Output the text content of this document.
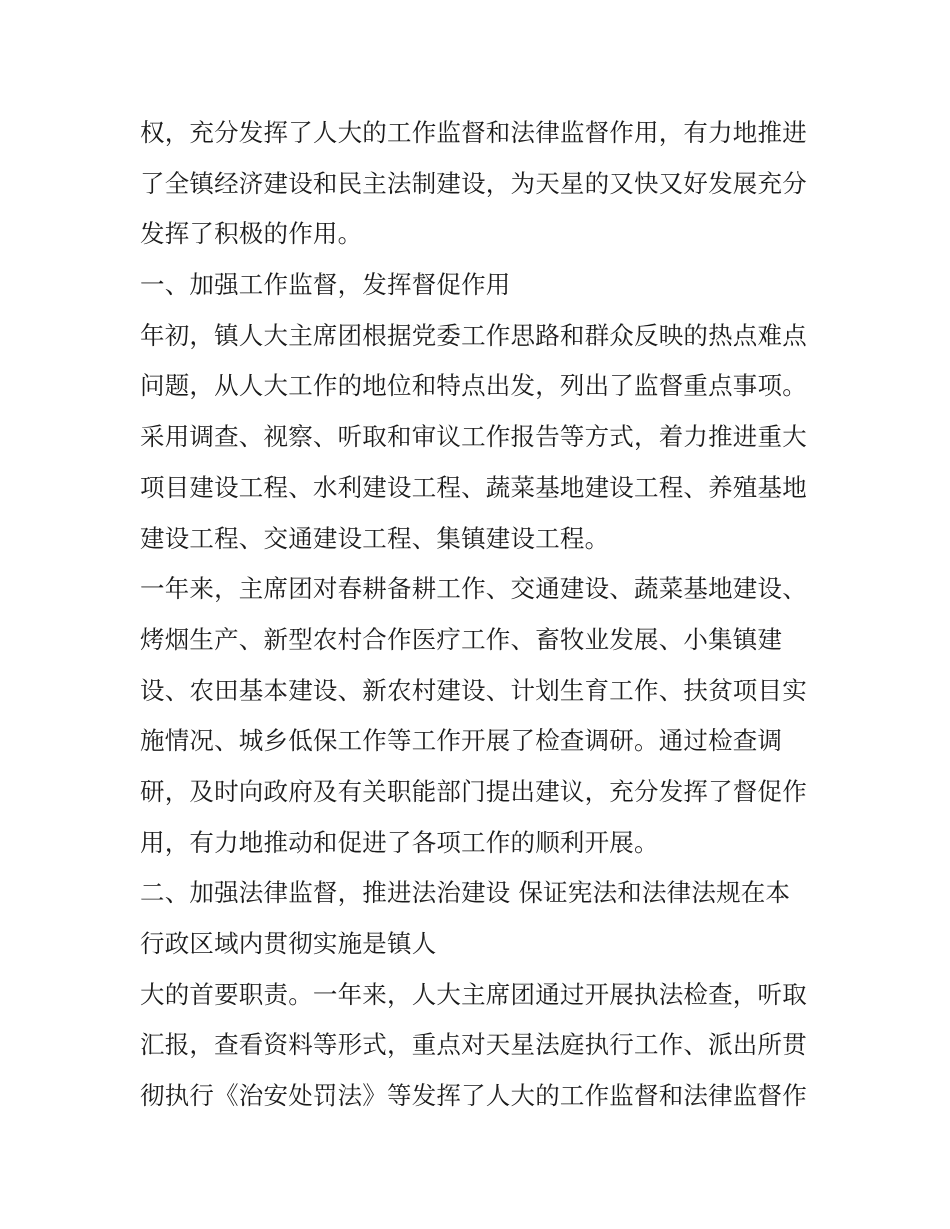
权，充分发挥了人大的工作监督和法律监督作用，有力地推进
了全镇经济建设和民主法制建设，为天星的又快又好发展充分
发挥了积极的作用。
一、加强工作监督，发挥督促作用
年初，镇人大主席团根据党委工作思路和群众反映的热点难点
问题，从人大工作的地位和特点出发，列出了监督重点事项。
采用调查、视察、听取和审议工作报告等方式，着力推进重大
项目建设工程、水利建设工程、蔬菜基地建设工程、养殖基地
建设工程、交通建设工程、集镇建设工程。
一年来，主席团对春耕备耕工作、交通建设、蔬菜基地建设、
烤烟生产、新型农村合作医疗工作、畜牧业发展、小集镇建
设、农田基本建设、新农村建设、计划生育工作、扶贫项目实
施情况、城乡低保工作等工作开展了检查调研。通过检查调
研，及时向政府及有关职能部门提出建议，充分发挥了督促作
用，有力地推动和促进了各项工作的顺利开展。
二、加强法律监督，推进法治建设 保证宪法和法律法规在本
行政区域内贯彻实施是镇人
大的首要职责。一年来，人大主席团通过开展执法检查，听取
汇报，查看资料等形式，重点对天星法庭执行工作、派出所贯
彻执行《治安处罚法》等发挥了人大的工作监督和法律监督作
